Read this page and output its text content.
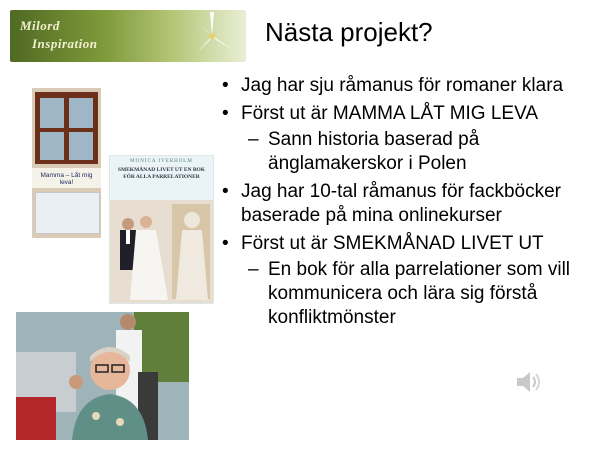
Milord
Inspiration	Nästa projekt?
• Jag har sju råmanus för romaner klara
• Först ut är MAMMA LÅT MIG LEVA
– Sann historia baserad på änglamakerskor i Polen
• Jag har 10-tal råmanus för fackböcker baserade på mina onlinekurser
• Först ut är SMEKMÅNAD LIVET UT
– En bok för alla parrelationer som vill kommunicera och lära sig förstå konfliktmönster
Mamma – Låt mig leva!
MONICA IVERHOLM
SMEKMÅNAD LIVET UT EN BOK FÖR ALLA PARRELATIONER
